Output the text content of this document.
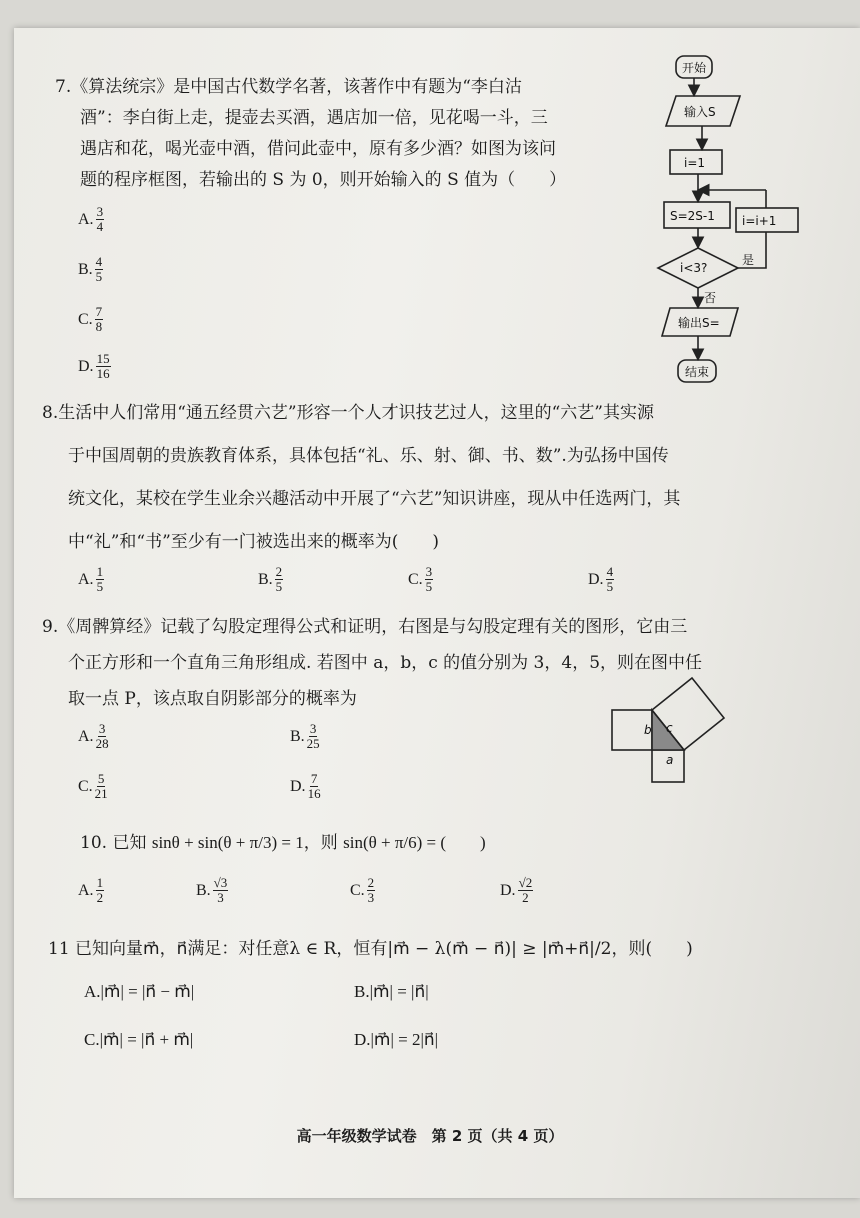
7.《算法统宗》是中国古代数学名著，该著作中有题为“李白沽
酒”：李白街上走，提壶去买酒，遇店加一倍，见花喝一斗，三
遇店和花，喝光壶中酒，借问此壶中，原有多少酒？如图为该问
题的程序框图，若输出的 S 为 0，则开始输入的 S 值为（　　）
A. $\frac{3}{4}$
B. $\frac{4}{5}$
C. $\frac{7}{8}$
D. $\frac{15}{16}$
开始
输入S
i=1
S=2S-1 i=i+1
i<3?
是
否
输出S=
结束
8.生活中人们常用“通五经贯六艺”形容一个人才识技艺过人，这里的“六艺”其实源
于中国周朝的贵族教育体系，具体包括“礼、乐、射、御、书、数”.为弘扬中国传
统文化，某校在学生业余兴趣活动中开展了“六艺”知识讲座，现从中任选两门，其
中“礼”和“书”至少有一门被选出来的概率为(　　)
A. $\frac{1}{5}$	B. $\frac{2}{5}$	C. $\frac{3}{5}$	D. $\frac{4}{5}$
9.《周髀算经》记载了勾股定理得公式和证明，右图是与勾股定理有关的图形，它由三
个正方形和一个直角三角形组成. 若图中 a，b，c 的值分别为 3，4，5，则在图中任
取一点 P，该点取自阴影部分的概率为
A. $\frac{3}{28}$	B. $\frac{3}{25}$
C. $\frac{5}{21}$	D. $\frac{7}{16}$
b c
a
10. 已知 sinθ + sin(θ + π/3) = 1，则 sin(θ + π/6) = (　　)
A. $\frac{1}{2}$	B. $\frac{√3}{3}$	C. $\frac{2}{3}$	D. $\frac{√2}{2}$
11 已知向量m⃗，n⃗满足：对任意λ ∈ R，恒有|m⃗ − λ(m⃗ − n⃗)| ≥ |m⃗+n⃗|/2，则(　　)
A. |m⃗| = |n⃗ − m⃗|	B. |m⃗| = |n⃗|
C. |m⃗| = |n⃗ + m⃗|	D. |m⃗| = 2|n⃗|
高一年级数学试卷　第 2 页（共 4 页）
